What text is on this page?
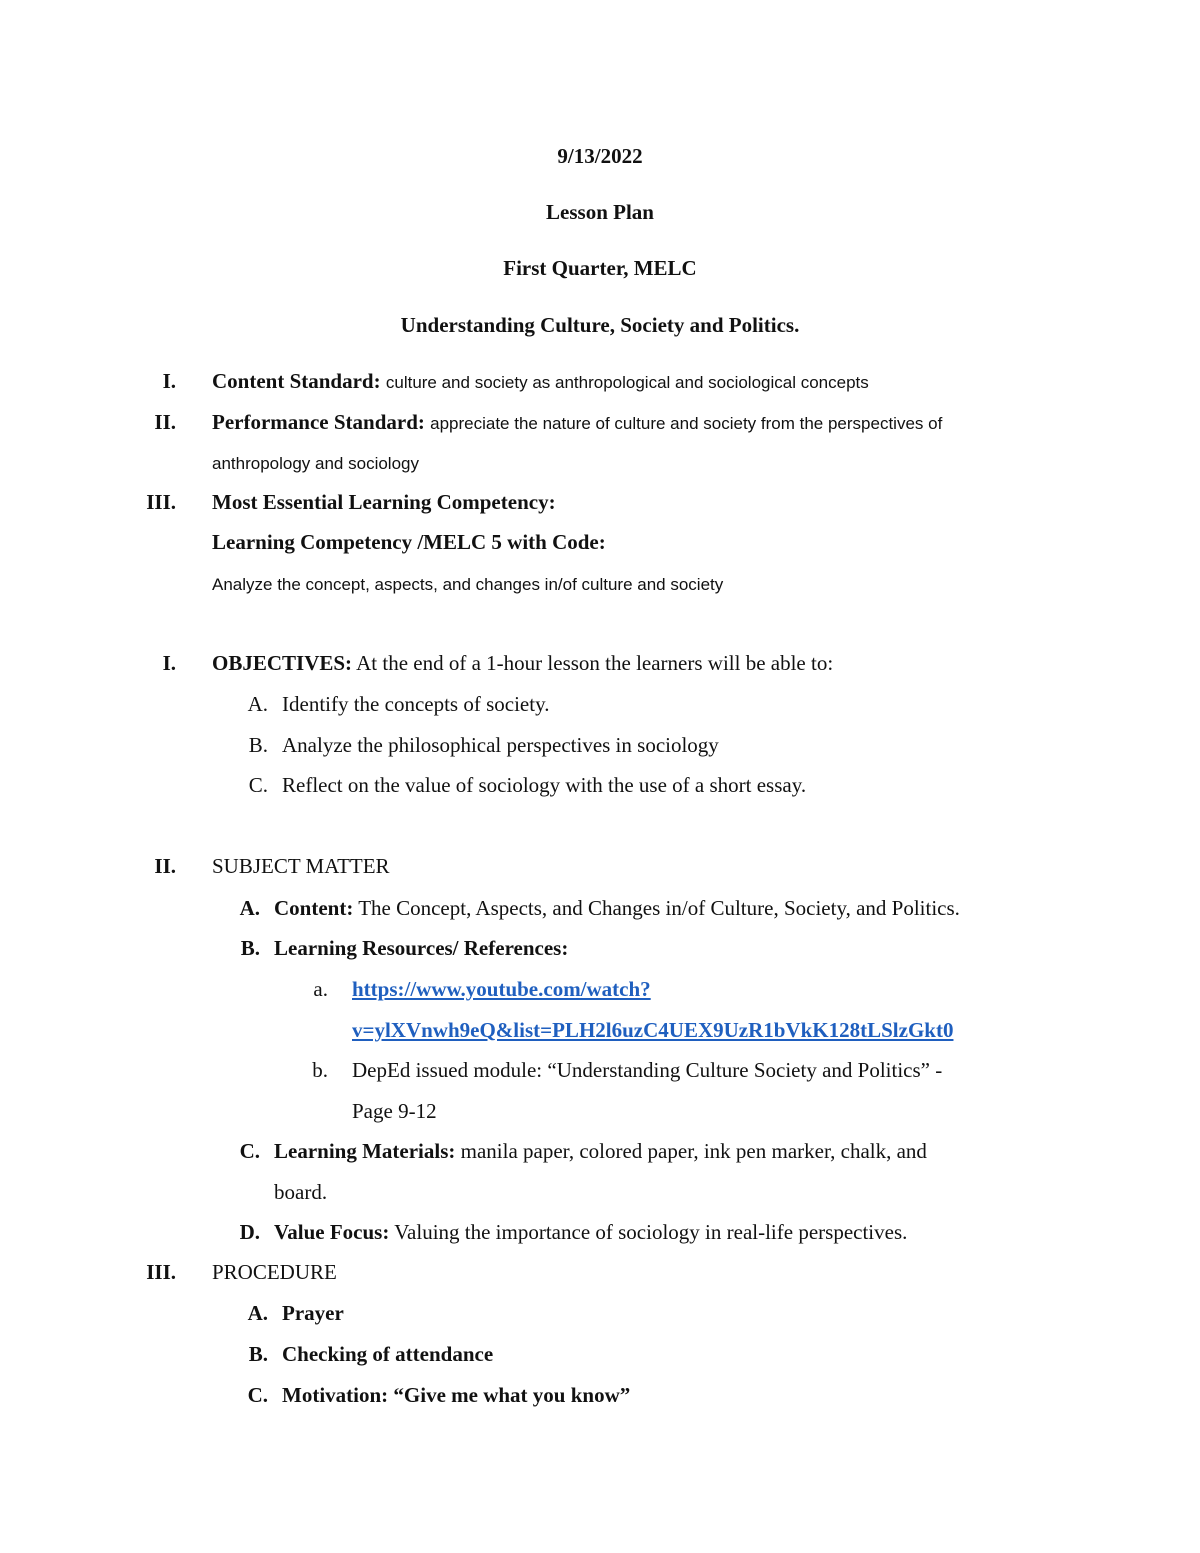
9/13/2022
Lesson Plan
First Quarter, MELC
Understanding Culture, Society and Politics.
I. Content Standard: culture and society as anthropological and sociological concepts
II. Performance Standard: appreciate the nature of culture and society from the perspectives of
anthropology and sociology
III. Most Essential Learning Competency:
Learning Competency /MELC 5 with Code:
Analyze the concept, aspects, and changes in/of culture and society
I. OBJECTIVES: At the end of a 1-hour lesson the learners will be able to:
A. Identify the concepts of society.
B. Analyze the philosophical perspectives in sociology
C. Reflect on the value of sociology with the use of a short essay.
II. SUBJECT MATTER
A. Content: The Concept, Aspects, and Changes in/of Culture, Society, and Politics.
B. Learning Resources/ References:
a. https://www.youtube.com/watch?
v=ylXVnwh9eQ&list=PLH2l6uzC4UEX9UzR1bVkK128tLSlzGkt0
b. DepEd issued module: “Understanding Culture Society and Politics” -
Page 9-12
C. Learning Materials: manila paper, colored paper, ink pen marker, chalk, and
board.
D. Value Focus: Valuing the importance of sociology in real-life perspectives.
III. PROCEDURE
A. Prayer
B. Checking of attendance
C. Motivation: “Give me what you know”
